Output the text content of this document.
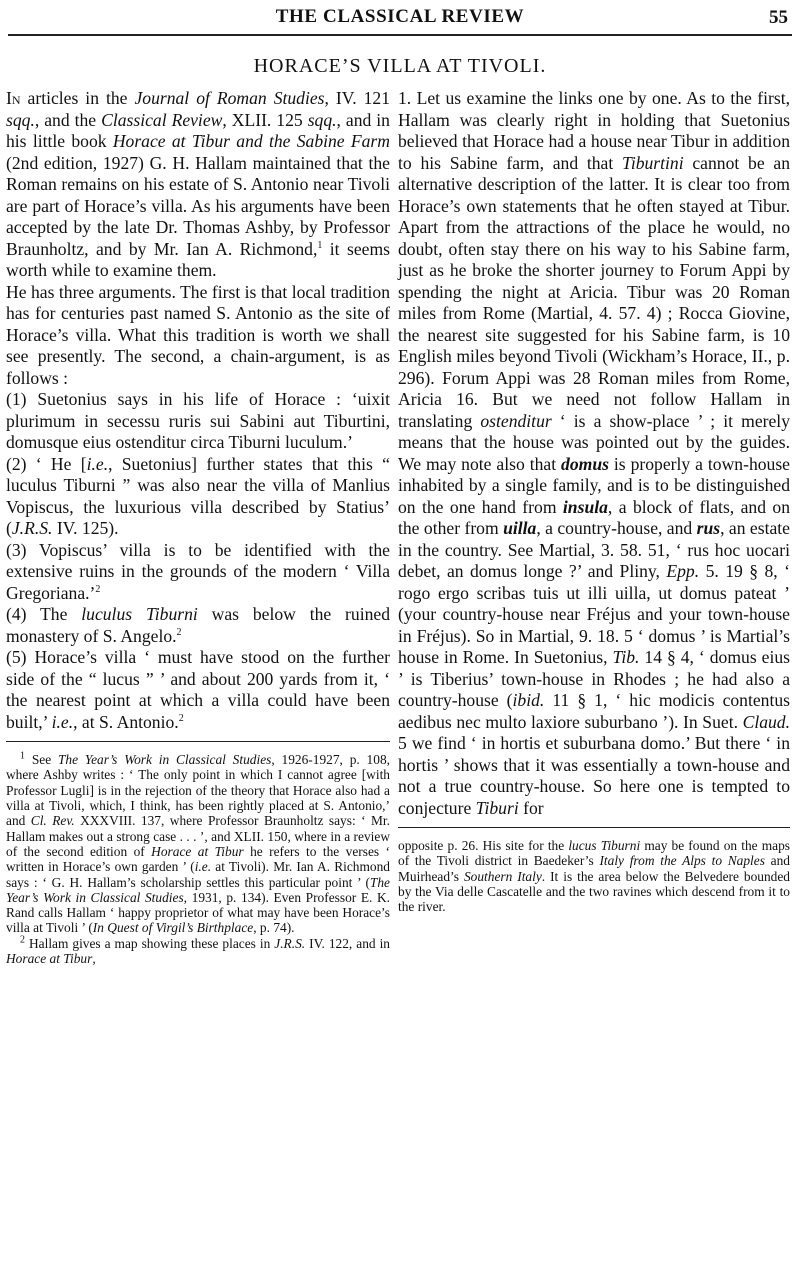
THE CLASSICAL REVIEW	55
HORACE’S VILLA AT TIVOLI.

In articles in the Journal of Roman Studies, IV. 121 sqq., and the Classical Review, XLII. 125 sqq., and in his little book Horace at Tibur and the Sabine Farm (2nd edition, 1927) G. H. Hallam maintained that the Roman remains on his estate of S. Antonio near Tivoli are part of Horace’s villa. As his arguments have been accepted by the late Dr. Thomas Ashby, by Professor Braunholtz, and by Mr. Ian A. Richmond,$^1$ it seems worth while to examine them.

He has three arguments. The first is that local tradition has for centuries past named S. Antonio as the site of Horace’s villa. What this tradition is worth we shall see presently. The second, a chain-argument, is as follows :

(1) Suetonius says in his life of Horace : ‘uixit plurimum in secessu ruris sui Sabini aut Tiburtini, domusque eius ostenditur circa Tiburni luculum.’

(2) ‘ He [i.e., Suetonius] further states that this “ luculus Tiburni ” was also near the villa of Manlius Vopiscus, the luxurious villa described by Statius’ (J.R.S. IV. 125).

(3) Vopiscus’ villa is to be identified with the extensive ruins in the grounds of the modern ‘ Villa Gregoriana.’$^2$

(4) The luculus Tiburni was below the ruined monastery of S. Angelo.$^2$

(5) Horace’s villa ‘ must have stood on the further side of the “ lucus ” ’ and about 200 yards from it, ‘ the nearest point at which a villa could have been built,’ i.e., at S. Antonio.$^2$

$^1$ See The Year’s Work in Classical Studies, 1926-1927, p. 108, where Ashby writes : ‘ The only point in which I cannot agree [with Professor Lugli] is in the rejection of the theory that Horace also had a villa at Tivoli, which, I think, has been rightly placed at S. Antonio,’ and Cl. Rev. XXXVIII. 137, where Professor Braunholtz says: ‘ Mr. Hallam makes out a strong case . . . ’, and XLII. 150, where in a review of the second edition of Horace at Tibur he refers to the verses ‘ written in Horace’s own garden ’ (i.e. at Tivoli). Mr. Ian A. Richmond says : ‘ G. H. Hallam’s scholarship settles this particular point ’ (The Year’s Work in Classical Studies, 1931, p. 134). Even Professor E. K. Rand calls Hallam ‘ happy proprietor of what may have been Horace’s villa at Tivoli ’ (In Quest of Virgil’s Birthplace, p. 74).

$^2$ Hallam gives a map showing these places in J.R.S. IV. 122, and in Horace at Tibur,

1. Let us examine the links one by one. As to the first, Hallam was clearly right in holding that Suetonius believed that Horace had a house near Tibur in addition to his Sabine farm, and that Tiburtini cannot be an alternative description of the latter. It is clear too from Horace’s own statements that he often stayed at Tibur. Apart from the attractions of the place he would, no doubt, often stay there on his way to his Sabine farm, just as he broke the shorter journey to Forum Appi by spending the night at Aricia. Tibur was 20 Roman miles from Rome (Martial, 4. 57. 4) ; Rocca Giovine, the nearest site suggested for his Sabine farm, is 10 English miles beyond Tivoli (Wickham’s Horace, II., p. 296). Forum Appi was 28 Roman miles from Rome, Aricia 16. But we need not follow Hallam in translating ostenditur ‘ is a show-place ’ ; it merely means that the house was pointed out by the guides. We may note also that domus is properly a town-house inhabited by a single family, and is to be distinguished on the one hand from insula, a block of flats, and on the other from uilla, a country-house, and rus, an estate in the country. See Martial, 3. 58. 51, ‘ rus hoc uocari debet, an domus longe ?’ and Pliny, Epp. 5. 19 § 8, ‘ rogo ergo scribas tuis ut illi uilla, ut domus pateat ’ (your country-house near Fréjus and your town-house in Fréjus). So in Martial, 9. 18. 5 ‘ domus ’ is Martial’s house in Rome. In Suetonius, Tib. 14 § 4, ‘ domus eius ’ is Tiberius’ town-house in Rhodes ; he had also a country-house (ibid. 11 § 1, ‘ hic modicis contentus aedibus nec multo laxiore suburbano ’). In Suet. Claud. 5 we find ‘ in hortis et suburbana domo.’ But there ‘ in hortis ’ shows that it was essentially a town-house and not a true country-house. So here one is tempted to conjecture Tiburi for

opposite p. 26. His site for the lucus Tiburni may be found on the maps of the Tivoli district in Baedeker’s Italy from the Alps to Naples and Muirhead’s Southern Italy. It is the area below the Belvedere bounded by the Via delle Cascatelle and the two ravines which descend from it to the river.
